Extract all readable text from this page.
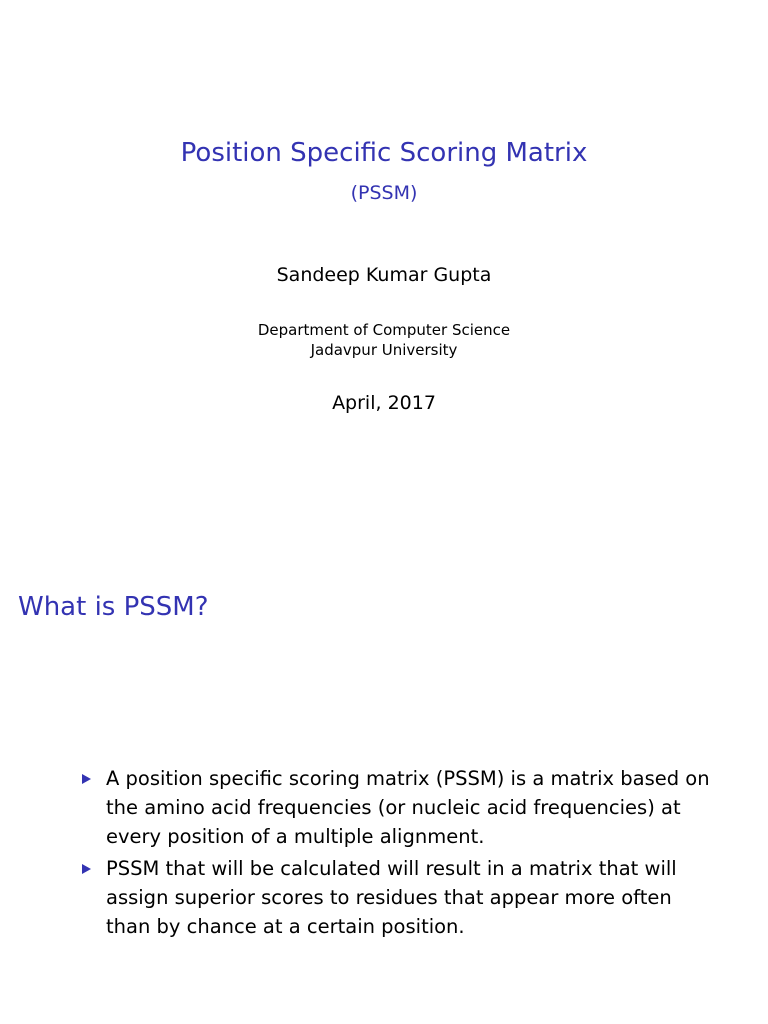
Position Specific Scoring Matrix
(PSSM)
Sandeep Kumar Gupta
Department of Computer Science
Jadavpur University
April, 2017
What is PSSM?
A position specific scoring matrix (PSSM) is a matrix based on the amino acid frequencies (or nucleic acid frequencies) at every position of a multiple alignment.
PSSM that will be calculated will result in a matrix that will assign superior scores to residues that appear more often than by chance at a certain position.
